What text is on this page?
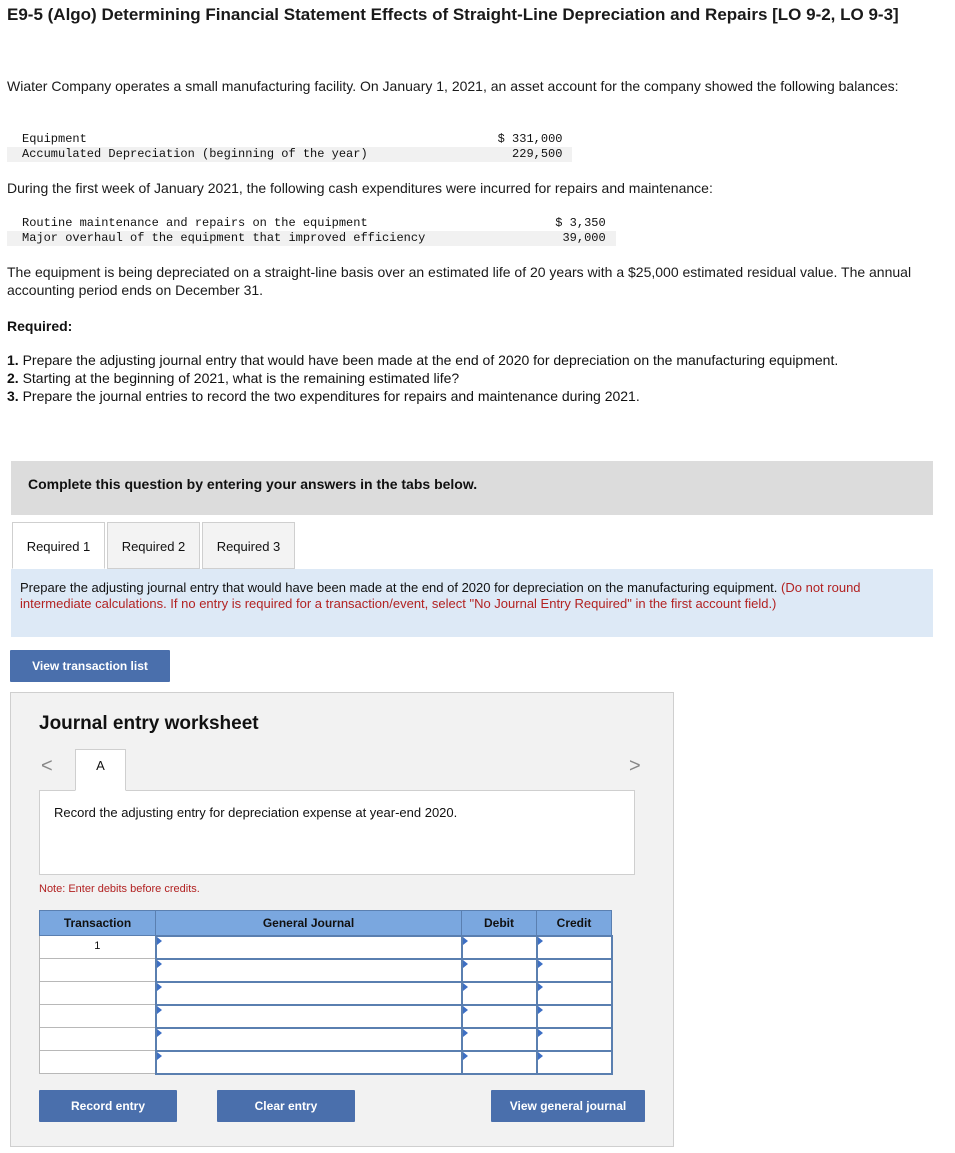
E9-5 (Algo) Determining Financial Statement Effects of Straight-Line Depreciation and Repairs [LO 9-2, LO 9-3]
Wiater Company operates a small manufacturing facility. On January 1, 2021, an asset account for the company showed the following balances:
Equipment	$ 331,000
Accumulated Depreciation (beginning of the year)	229,500
During the first week of January 2021, the following cash expenditures were incurred for repairs and maintenance:
Routine maintenance and repairs on the equipment	$ 3,350
Major overhaul of the equipment that improved efficiency	39,000
The equipment is being depreciated on a straight-line basis over an estimated life of 20 years with a $25,000 estimated residual value. The annual accounting period ends on December 31.
Required:
1. Prepare the adjusting journal entry that would have been made at the end of 2020 for depreciation on the manufacturing equipment.
2. Starting at the beginning of 2021, what is the remaining estimated life?
3. Prepare the journal entries to record the two expenditures for repairs and maintenance during 2021.
Complete this question by entering your answers in the tabs below.
Required 1	Required 2	Required 3
Prepare the adjusting journal entry that would have been made at the end of 2020 for depreciation on the manufacturing equipment. (Do not round intermediate calculations. If no entry is required for a transaction/event, select "No Journal Entry Required" in the first account field.)
View transaction list
Journal entry worksheet
<	A	>
Record the adjusting entry for depreciation expense at year-end 2020.
Note: Enter debits before credits.
Transaction	General Journal	Debit	Credit
1			

Record entry	Clear entry	View general journal
